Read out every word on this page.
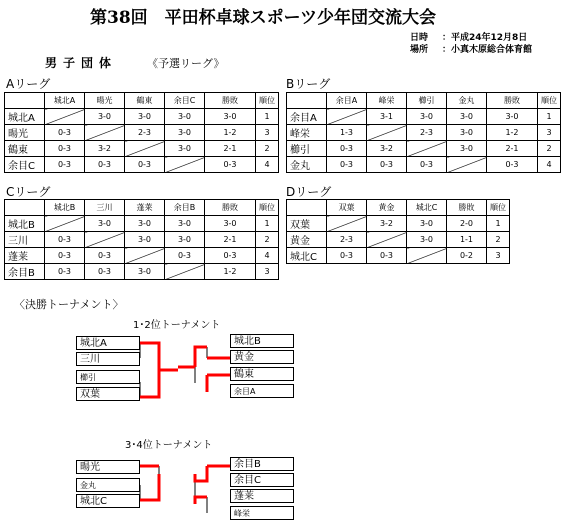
第38回　平田杯卓球スポーツ少年団交流大会
日時 ：平成24年12月8日
場所 ：小真木原総合体育館
男子団体	《予選リーグ》
Aリーグ	Bリーグ
Cリーグ	Dリーグ
	城北A	暘光	鶴東	余目C	勝敗	順位
城北A		3-0	3-0	3-0	3-0	1
暘光	0-3		2-3	3-0	1-2	3
鶴東	0-3	3-2		3-0	2-1	2
余目C	0-3	0-3	0-3		0-3	4
	余目A	峰栄	櫛引	金丸	勝敗	順位
余目A		3-1	3-0	3-0	3-0	1
峰栄	1-3		2-3	3-0	1-2	3
櫛引	0-3	3-2		3-0	2-1	2
金丸	0-3	0-3	0-3		0-3	4
	城北B	三川	蓬莱	余目B	勝敗	順位
城北B		3-0	3-0	3-0	3-0	1
三川	0-3		3-0	3-0	2-1	2
蓬莱	0-3	0-3		0-3	0-3	4
余目B	0-3	0-3	3-0		1-2	3
	双葉	黄金	城北C	勝敗	順位
双葉		3-2	3-0	2-0	1
黄金	2-3		3-0	1-1	2
城北C	0-3	0-3		0-2	3
〈決勝トーナメント〉
1･2位トーナメント
3･4位トーナメント
城北A
三川
櫛引
双葉
城北B
黄金
鶴東
余目A
暘光
金丸
城北C
余目B
余目C
蓬莱
峰栄
